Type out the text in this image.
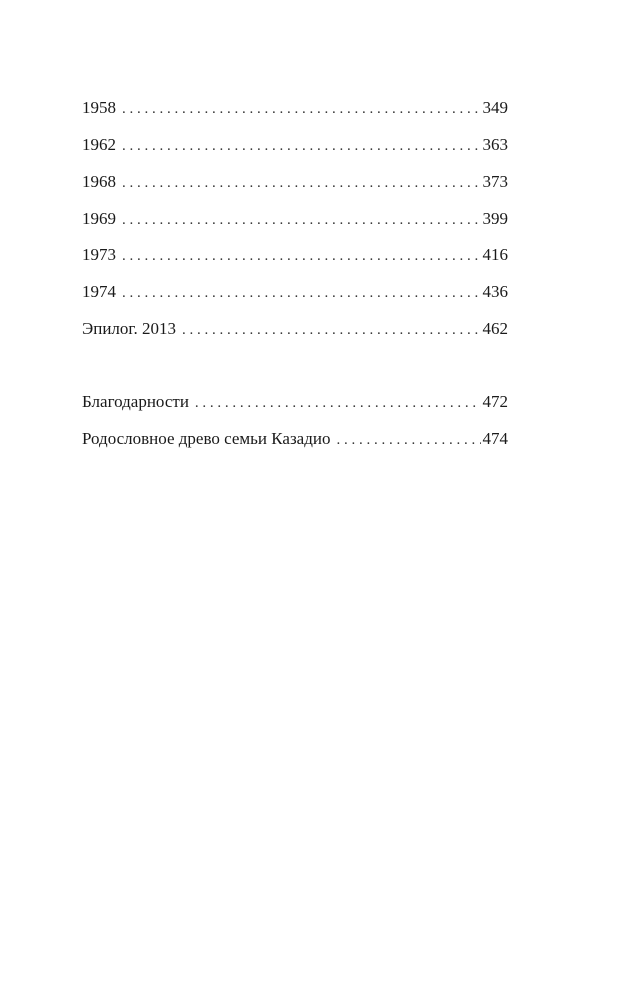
1958 . . .	349
1962 . . .	363
1968 . . .	373
1969 . . .	399
1973 . . .	416
1974 . . .	436
Эпилог. 2013 . . .	462
Благодарности . . .	472
Родословное древо семьи Казадио . . .	474
